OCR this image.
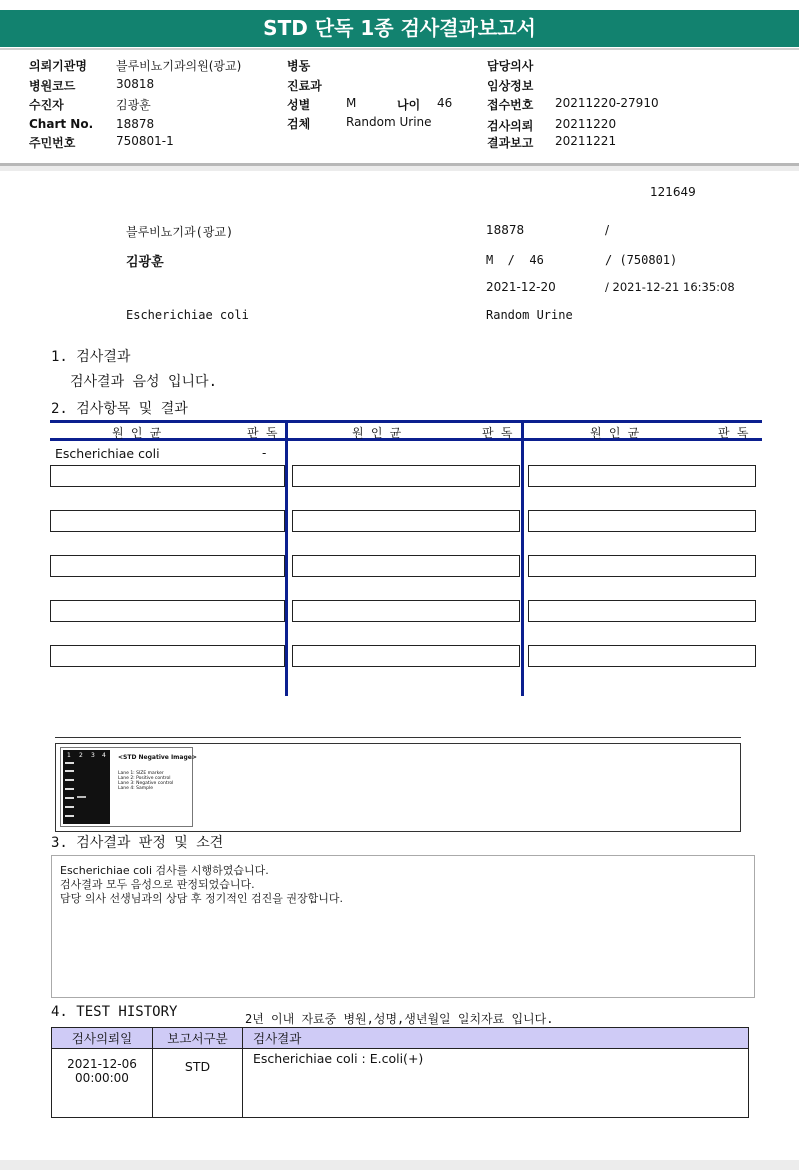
STD 단독 1종 검사결과보고서
의뢰기관명 블루비뇨기과의원(광교)
병원코드	30818
수진자	김광훈
Chart No. 18878
주민번호	750801-1
병동
진료과
성별	M	나이 46
검체	Random Urine
담당의사
임상정보
접수번호 20211220-27910
검사의뢰 20211220
결과보고 20211221
121649
블루비뇨기과(광교)	18878	/
김광훈	M  /  46	/ (750801)
2021-12-20	/ 2021-12-21 16:35:08
Escherichiae coli	Random Urine
1. 검사결과
검사결과 음성 입니다.
2. 검사항목 및 결과
원 인 균	판 독	원 인 균	판 독	원 인 균	판 독
Escherichiae coli	-
1 2 3 4 <STD Negative Image>
Lane 1: SIZE marker
Lane 2: Positive control
Lane 3: Negative control
Lane 4: Sample
3. 검사결과 판정 및 소견
Escherichiae coli 검사를 시행하였습니다.
검사결과 모두 음성으로 판정되었습니다.
담당 의사 선생님과의 상담 후 정기적인 검진을 권장합니다.
4. TEST HISTORY	2년 이내 자료중 병원,성명,생년월일 일치자료 입니다.
검사의뢰일	보고서구분	검사결과

2021-12-06
00:00:00	STD	Escherichiae coli : E.coli(+)
